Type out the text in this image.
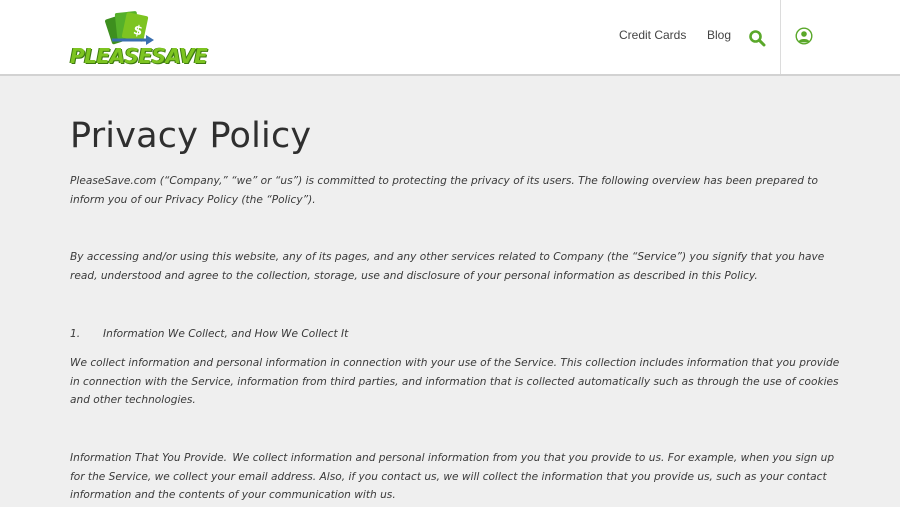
$
PLEASESAVE
Credit Cards Blog
Privacy Policy

PleaseSave.com (“Company,” “we” or “us”) is committed to protecting the privacy of its users. The following overview has been prepared to inform you of our Privacy Policy (the “Policy”).

By accessing and/or using this website, any of its pages, and any other services related to Company (the “Service”) you signify that you have read, understood and agree to the collection, storage, use and disclosure of your personal information as described in this Policy.

1. Information We Collect, and How We Collect It

We collect information and personal information in connection with your use of the Service. This collection includes information that you provide in connection with the Service, information from third parties, and information that is collected automatically such as through the use of cookies and other technologies.

Information That You Provide. We collect information and personal information from you that you provide to us. For example, when you sign up for the Service, we collect your email address. Also, if you contact us, we will collect the information that you provide us, such as your contact information and the contents of your communication with us.
